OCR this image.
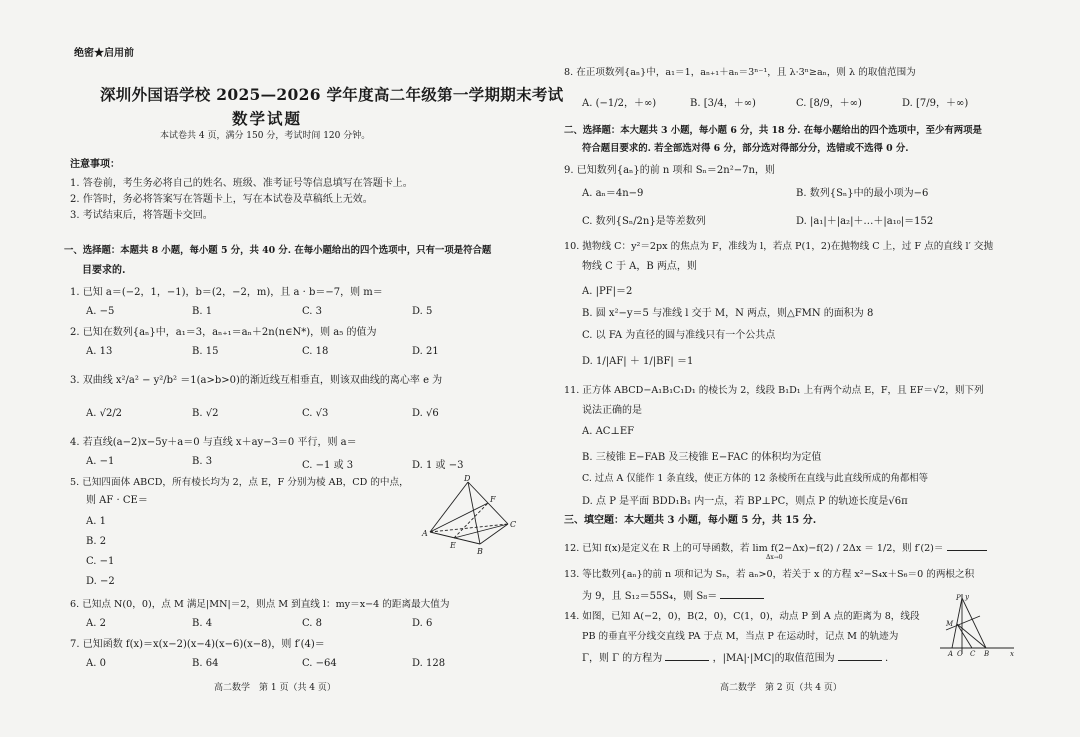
绝密★启用前
深圳外国语学校 2025—2026 学年度高二年级第一学期期末考试
数学试题
本试卷共 4 页，满分 150 分，考试时间 120 分钟。
注意事项：
1. 答卷前，考生务必将自己的姓名、班级、准考证号等信息填写在答题卡上。
2. 作答时，务必将答案写在答题卡上，写在本试卷及草稿纸上无效。
3. 考试结束后，将答题卡交回。
一、选择题：本题共 8 小题，每小题 5 分，共 40 分. 在每小题给出的四个选项中，只有一项是符合题
目要求的.
1. 已知 a＝(−2，1，−1)，b＝(2，−2，m)，且 a · b＝−7，则 m＝
A. −5	B. 1	C. 3	D. 5
2. 已知在数列{aₙ}中，a₁＝3，aₙ₊₁＝aₙ＋2n(n∈N*)，则 a₅ 的值为
A. 13	B. 15	C. 18	D. 21
3. 双曲线 x²/a² − y²/b² ＝1(a>b>0)的渐近线互相垂直，则该双曲线的离心率 e 为
A. √2/2	B. √2	C. √3	D. √6
4. 若直线(a−2)x−5y＋a＝0 与直线 x＋ay−3＝0 平行，则 a＝
A. −1	B. 3	C. −1 或 3	D. 1 或 −3
5. 已知四面体 ABCD，所有棱长均为 2，点 E，F 分别为棱 AB，CD 的中点，
则 AF · CE＝
A. 1
B. 2
C. −1
D. −2
D
A
B
C
E
F
6. 已知点 N(0，0)，点 M 满足|MN|＝2，则点 M 到直线 l：my＝x−4 的距离最大值为
A. 2	B. 4	C. 8	D. 6
7. 已知函数 f(x)＝x(x−2)(x−4)(x−6)(x−8)，则 f′(4)＝
A. 0	B. 64	C. −64	D. 128
高二数学　第 1 页（共 4 页）
8. 在正项数列{aₙ}中，a₁＝1，aₙ₊₁＋aₙ＝3ⁿ⁻¹，且 λ·3ⁿ≥aₙ，则 λ 的取值范围为
A. (−1/2，＋∞)	B. [3/4，＋∞)	C. [8/9，＋∞)	D. [7/9，＋∞)
二、选择题：本大题共 3 小题，每小题 6 分，共 18 分. 在每小题给出的四个选项中，至少有两项是
符合题目要求的. 若全部选对得 6 分，部分选对得部分分，选错或不选得 0 分.
9. 已知数列{aₙ}的前 n 项和 Sₙ＝2n²−7n，则
A. aₙ＝4n−9	B. 数列{Sₙ}中的最小项为−6
C. 数列{Sₙ/2n}是等差数列	D. |a₁|＋|a₂|＋…＋|a₁₀|＝152
10. 抛物线 C：y²＝2px 的焦点为 F，准线为 l，若点 P(1，2)在抛物线 C 上，过 F 点的直线 l′ 交抛
物线 C 于 A，B 两点，则
A. |PF|＝2
B. 圆 x²−y＝5 与准线 l 交于 M，N 两点，则△FMN 的面积为 8
C. 以 FA 为直径的圆与准线只有一个公共点
D. 1/|AF| ＋ 1/|BF| ＝1
11. 正方体 ABCD−A₁B₁C₁D₁ 的棱长为 2，线段 B₁D₁ 上有两个动点 E，F，且 EF＝√2，则下列
说法正确的是
A. AC⊥EF
B. 三棱锥 E−FAB 及三棱锥 E−FAC 的体积均为定值
C. 过点 A 仅能作 1 条直线，使正方体的 12 条棱所在直线与此直线所成的角都相等
D. 点 P 是平面 BDD₁B₁ 内一点，若 BP⊥PC，则点 P 的轨迹长度是√6π
三、填空题：本大题共 3 小题，每小题 5 分，共 15 分.
12. 已知 f(x)是定义在 R 上的可导函数，若 lim f(2−Δx)−f(2) / 2Δx ＝ 1/2，则 f′(2)＝
Δx→0
13. 等比数列{aₙ}的前 n 项和记为 Sₙ，若 aₙ>0，若关于 x 的方程 x²−S₄x＋S₆＝0 的两根之积
为 9，且 S₁₂＝55S₄，则 S₈＝
14. 如图，已知 A(−2，0)，B(2，0)，C(1，0)，动点 P 到 A 点的距离为 8，线段
PB 的垂直平分线交直线 PA 于点 M，当点 P 在运动时，记点 M 的轨迹为
Γ，则 Γ 的方程为	，|MA|·|MC|的取值范围为	.
y
P
M
O
A C B	x
高二数学　第 2 页（共 4 页）
